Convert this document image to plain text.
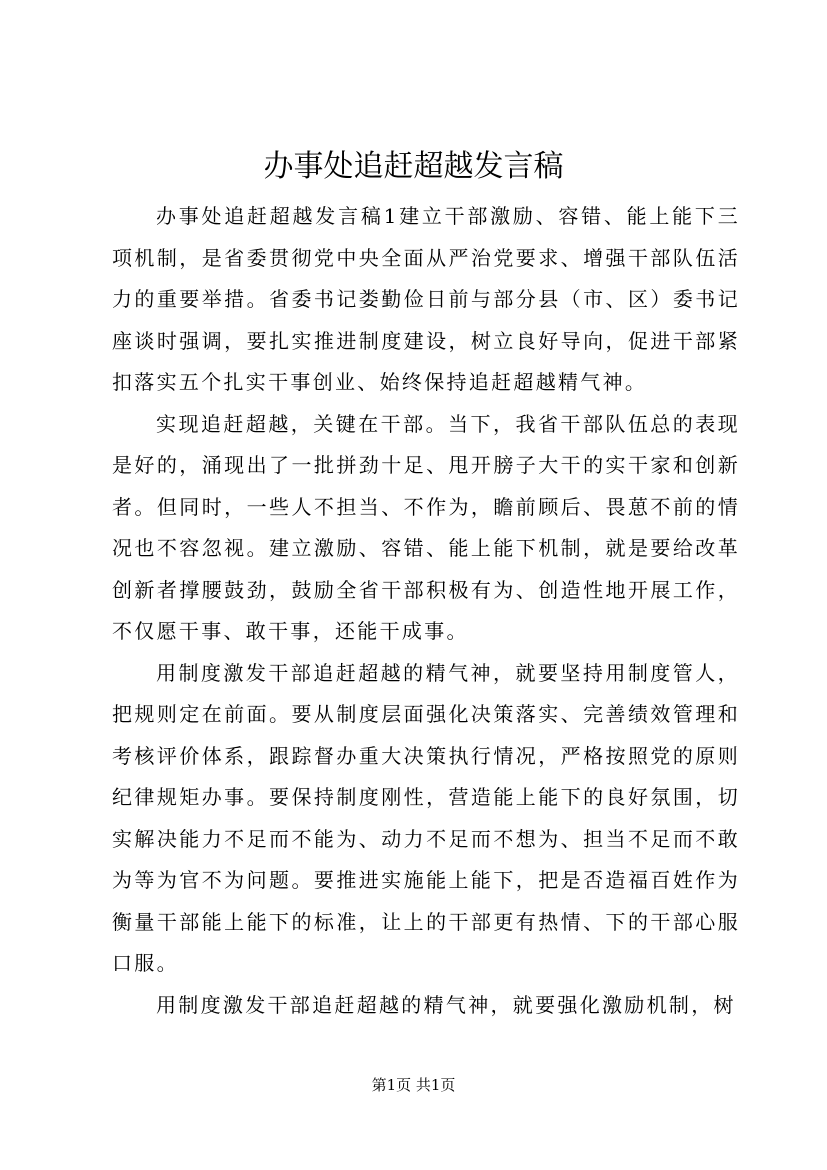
办事处追赶超越发言稿

办事处追赶超越发言稿1建立干部激励、容错、能上能下三项机制，是省委贯彻党中央全面从严治党要求、增强干部队伍活力的重要举措。省委书记娄勤俭日前与部分县（市、区）委书记座谈时强调，要扎实推进制度建设，树立良好导向，促进干部紧扣落实五个扎实干事创业、始终保持追赶超越精气神。

实现追赶超越，关键在干部。当下，我省干部队伍总的表现是好的，涌现出了一批拼劲十足、甩开膀子大干的实干家和创新者。但同时，一些人不担当、不作为，瞻前顾后、畏葸不前的情况也不容忽视。建立激励、容错、能上能下机制，就是要给改革创新者撑腰鼓劲，鼓励全省干部积极有为、创造性地开展工作，不仅愿干事、敢干事，还能干成事。

用制度激发干部追赶超越的精气神，就要坚持用制度管人，把规则定在前面。要从制度层面强化决策落实、完善绩效管理和考核评价体系，跟踪督办重大决策执行情况，严格按照党的原则纪律规矩办事。要保持制度刚性，营造能上能下的良好氛围，切实解决能力不足而不能为、动力不足而不想为、担当不足而不敢为等为官不为问题。要推进实施能上能下，把是否造福百姓作为衡量干部能上能下的标准，让上的干部更有热情、下的干部心服口服。

用制度激发干部追赶超越的精气神，就要强化激励机制，树

第1页 共1页
